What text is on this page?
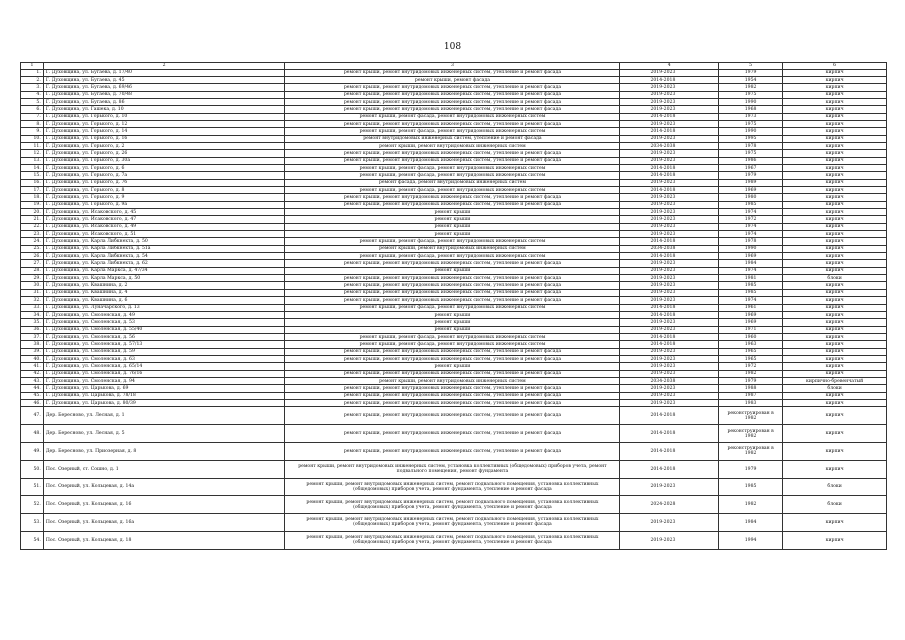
108
1	2	3	4	5	6
1.	Г. Духовщина, ул. Бугаева, д. 17/40	ремонт крыши, ремонт внутридомовых инженерных систем, утепление и ремонт фасада	2019-2023	1979	кирпич
2.	Г. Духовщина, ул. Бугаева, д. 45	ремонт крыши, ремонт фасада	2014-2018	1954	кирпич
3.	Г. Духовщина, ул. Бугаева, д. 69/46	ремонт крыши, ремонт внутридомовых инженерных систем, утепление и ремонт фасада	2019-2023	1982	кирпич
4.	Г. Духовщина, ул. Бугаева, д. 70/48	ремонт крыши, ремонт внутридомовых инженерных систем, утепление и ремонт фасада	2019-2023	1975	кирпич
5.	Г. Духовщина, ул. Бугаева, д. 86	ремонт крыши, ремонт внутридомовых инженерных систем, утепление и ремонт фасада	2019-2023	1990	кирпич
6.	Г. Духовщина, ул. Гашека, д. 10	ремонт крыши, ремонт внутридомовых инженерных систем, утепление и ремонт фасада	2019-2023	1968	кирпич
7.	Г. Духовщина, ул. Горького, д. 10	ремонт крыши, ремонт фасада, ремонт внутридомовых инженерных систем	2014-2018	1973	кирпич
8.	Г. Духовщина, ул. Горького, д. 12	ремонт крыши, ремонт внутридомовых инженерных систем, утепление и ремонт фасада	2019-2023	1975	кирпич
9.	Г. Духовщина, ул. Горького, д. 14	ремонт крыши, ремонт фасада, ремонт внутридомовых инженерных систем	2014-2018	1990	кирпич
10.	Г. Духовщина, ул. Горького, д. 16	ремонт внутридомовых инженерных систем, утепление и ремонт фасада	2019-2023	1995	кирпич
11.	Г. Духовщина, ул. Горького, д. 2	ремонт крыши, ремонт внутридомовых инженерных систем	2034-2038	1978	кирпич
12.	Г. Духовщина, ул. Горького, д. 26	ремонт крыши, ремонт внутридомовых инженерных систем, утепление и ремонт фасада	2019-2023	1975	кирпич
13.	Г. Духовщина, ул. Горького, д. 30а	ремонт крыши, ремонт внутридомовых инженерных систем, утепление и ремонт фасада	2019-2023	1986	кирпич
14.	Г. Духовщина, ул. Горького, д. 6	ремонт крыши, ремонт фасада, ремонт внутридомовых инженерных систем	2014-2018	1967	кирпич
15.	Г. Духовщина, ул. Горького, д. 7а	ремонт крыши, ремонт фасада, ремонт внутридомовых инженерных систем	2014-2018	1979	кирпич
16.	Г. Духовщина, ул. Горького, д. 7б	ремонт фасада, ремонт внутридомовых инженерных систем	2019-2023	1989	кирпич
17.	Г. Духовщина, ул. Горького, д. 8	ремонт крыши, ремонт фасада, ремонт внутридомовых инженерных систем	2014-2018	1969	кирпич
18.	Г. Духовщина, ул. Горького, д. 9	ремонт крыши, ремонт внутридомовых инженерных систем, утепление и ремонт фасада	2019-2023	1980	кирпич
19.	Г. Духовщина, ул. Горького, д. 9а	ремонт крыши, ремонт внутридомовых инженерных систем, утепление и ремонт фасада	2019-2023	1985	кирпич
20.	Г. Духовщина, ул. Исаковского, д. 45	ремонт крыши	2019-2023	1974	кирпич
21.	Г. Духовщина, ул. Исаковского, д. 47	ремонт крыши	2019-2023	1972	кирпич
22.	Г. Духовщина, ул. Исаковского, д. 49	ремонт крыши	2019-2023	1974	кирпич
23.	Г. Духовщина, ул. Исаковского, д. 51	ремонт крыши	2019-2023	1974	кирпич
24.	Г. Духовщина, ул. Карла Либкнехта, д. 50	ремонт крыши, ремонт фасада, ремонт внутридомовых инженерных систем	2014-2018	1978	кирпич
25.	Г. Духовщина, ул. Карла Либкнехта, д. 51а	ремонт крыши, ремонт внутридомовых инженерных систем	2034-2038	1990	кирпич
26.	Г. Духовщина, ул. Карла Либкнехта, д. 54	ремонт крыши, ремонт фасада, ремонт внутридомовых инженерных систем	2014-2018	1969	кирпич
27.	Г. Духовщина, ул. Карла Либкнехта, д. 62	ремонт крыши, ремонт внутридомовых инженерных систем, утепление и ремонт фасада	2019-2023	1984	кирпич
28.	Г. Духовщина, ул. Карла Маркса, д. 47/34	ремонт крыши	2019-2023	1974	кирпич
29.	Г. Духовщина, ул. Карла Маркса, д. 50	ремонт крыши, ремонт внутридомовых инженерных систем, утепление и ремонт фасада	2019-2023	1981	блоки
30.	Г. Духовщина, ул. Квашнина, д. 2	ремонт крыши, ремонт внутридомовых инженерных систем, утепление и ремонт фасада	2019-2023	1985	кирпич
31.	Г. Духовщина, ул. Квашнина, д. 4	ремонт крыши, ремонт внутридомовых инженерных систем, утепление и ремонт фасада	2019-2023	1985	кирпич
32.	Г. Духовщина, ул. Квашнина, д. 6	ремонт крыши, ремонт внутридомовых инженерных систем, утепление и ремонт фасада	2019-2023	1974	кирпич
33.	Г. Духовщина, ул. Луначарского, д. 13	ремонт крыши, ремонт фасада, ремонт внутридомовых инженерных систем	2014-2018	1961	кирпич
34.	Г. Духовщина, ул. Смоленская, д. 49	ремонт крыши	2014-2018	1969	кирпич
35.	Г. Духовщина, ул. Смоленская, д. 53	ремонт крыши	2019-2023	1969	кирпич
36.	Г. Духовщина, ул. Смоленская, д. 55/40	ремонт крыши	2019-2023	1971	кирпич
37.	Г. Духовщина, ул. Смоленская, д. 56	ремонт крыши, ремонт фасада, ремонт внутридомовых инженерных систем	2014-2018	1960	кирпич
38.	Г. Духовщина, ул. Смоленская, д. 57/13	ремонт крыши, ремонт фасада, ремонт внутридомовых инженерных систем	2014-2018	1963	кирпич
39.	Г. Духовщина, ул. Смоленская, д. 59	ремонт крыши, ремонт внутридомовых инженерных систем, утепление и ремонт фасада	2019-2023	1965	кирпич
40.	Г. Духовщина, ул. Смоленская, д. 63	ремонт крыши, ремонт внутридомовых инженерных систем, утепление и ремонт фасада	2019-2023	1965	кирпич
41.	Г. Духовщина, ул. Смоленская, д. 65/14	ремонт крыши	2019-2023	1972	кирпич
42.	Г. Духовщина, ул. Смоленская, д. 76/16	ремонт крыши, ремонт внутридомовых инженерных систем, утепление и ремонт фасада	2019-2023	1982	кирпич
43.	Г. Духовщина, ул. Смоленская, д. 94	ремонт крыши, ремонт внутридомовых инженерных систем	2034-2038	1979	кирпично-бревенчатый
44.	Г. Духовщина, ул. Царькова, д. 69	ремонт крыши, ремонт внутридомовых инженерных систем, утепление и ремонт фасада	2019-2023	1988	блоки
45.	Г. Духовщина, ул. Царькова, д. 78/18	ремонт крыши, ремонт внутридомовых инженерных систем, утепление и ремонт фасада	2019-2023	1987	кирпич
46.	Г. Духовщина, ул. Царькова, д. 80/39	ремонт крыши, ремонт внутридомовых инженерных систем, утепление и ремонт фасада	2019-2023	1983	кирпич
47.	Дер. Бересново, ул. Лесная, д. 1	ремонт крыши, ремонт внутридомовых инженерных систем, утепление и ремонт фасада	2014-2018	реконструирован в 1982	кирпич
48.	Дер. Бересново, ул. Лесная, д. 5	ремонт крыши, ремонт внутридомовых инженерных систем, утепление и ремонт фасада	2014-2018	реконструирован в 1982	кирпич
49.	Дер. Бересново, ул. Приозерная, д. 8	ремонт крыши, ремонт внутридомовых инженерных систем, утепление и ремонт фасада	2014-2018	реконструирован в 1982	кирпич
50.	Пос. Озерный, ст. Сошно, д. 1	ремонт крыши, ремонт внутридомовых инженерных систем, установка коллективных (общедомовых) приборов учета, ремонт подвального помещения, ремонт фундамента	2014-2018	1979	кирпич
51.	Пос. Озерный, ул. Кольцевая, д. 14а	ремонт крыши, ремонт внутридомовых инженерных систем, ремонт подвального помещения, установка коллективных (общедомовых) приборов учета, ремонт фундамента, утепление и ремонт фасада	2019-2023	1985	блоки
52.	Пос. Озерный, ул. Кольцевая, д. 16	ремонт крыши, ремонт внутридомовых инженерных систем, ремонт подвального помещения, установка коллективных (общедомовых) приборов учета, ремонт фундамента, утепление и ремонт фасада	2024-2028	1982	блоки
53.	Пос. Озерный, ул. Кольцевая, д. 16а	ремонт крыши, ремонт внутридомовых инженерных систем, ремонт подвального помещения, установка коллективных (общедомовых) приборов учета, ремонт фундамента, утепление и ремонт фасада	2019-2023	1984	кирпич
54.	Пос. Озерный, ул. Кольцевая, д. 18	ремонт крыши, ремонт внутридомовых инженерных систем, ремонт подвального помещения, установка коллективных (общедомовых) приборов учета, ремонт фундамента, утепление и ремонт фасада	2019-2023	1994	кирпич
